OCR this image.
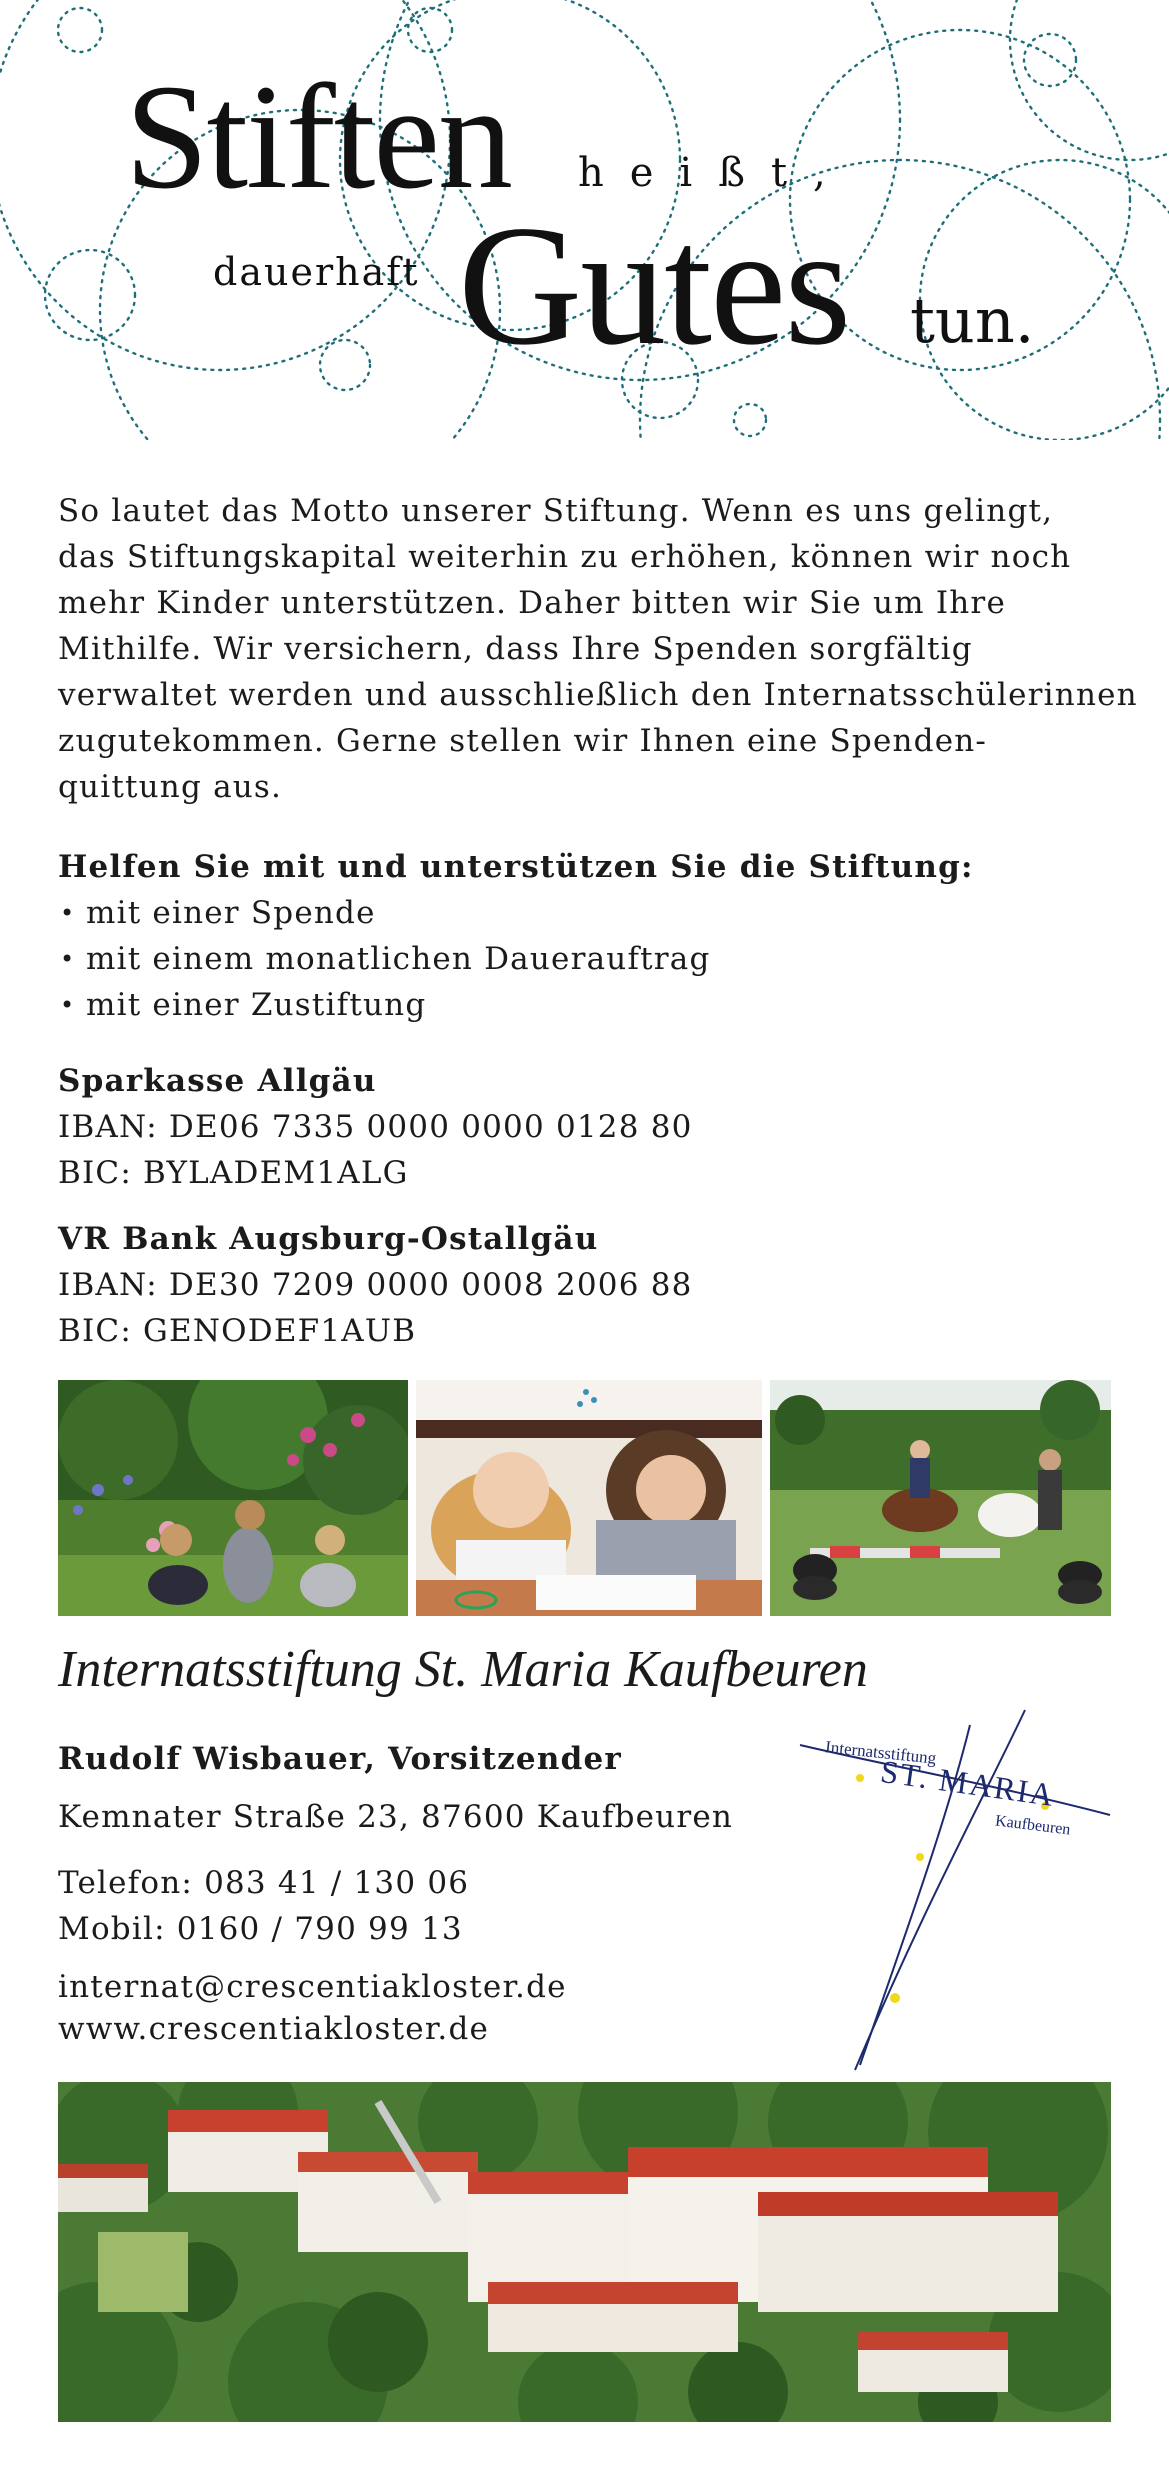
Stiften heißt,
dauerhaft Gutes tun.
So lautet das Motto unserer Stiftung. Wenn es uns gelingt,
das Stiftungskapital weiterhin zu erhöhen, können wir noch
mehr Kinder unterstützen. Daher bitten wir Sie um Ihre
Mithilfe. Wir versichern, dass Ihre Spenden sorgfältig
verwaltet werden und ausschließlich den Internatsschülerinnen
zugutekommen. Gerne stellen wir Ihnen eine Spenden-
quittung aus.
Helfen Sie mit und unterstützen Sie die Stiftung:
• mit einer Spende
• mit einem monatlichen Dauerauftrag
• mit einer Zustiftung
Sparkasse Allgäu
IBAN: DE06 7335 0000 0000 0128 80
BIC: BYLADEM1ALG
VR Bank Augsburg-Ostallgäu
IBAN: DE30 7209 0000 0008 2006 88
BIC: GENODEF1AUB
Internatsstiftung St. Maria Kaufbeuren
Rudolf Wisbauer, Vorsitzender
Kemnater Straße 23, 87600 Kaufbeuren
Telefon: 083 41 / 130 06
Mobil: 0160 / 790 99 13
internat@crescentiakloster.de
www.crescentiakloster.de
Internatsstiftung
ST. MARIA
Kaufbeuren
